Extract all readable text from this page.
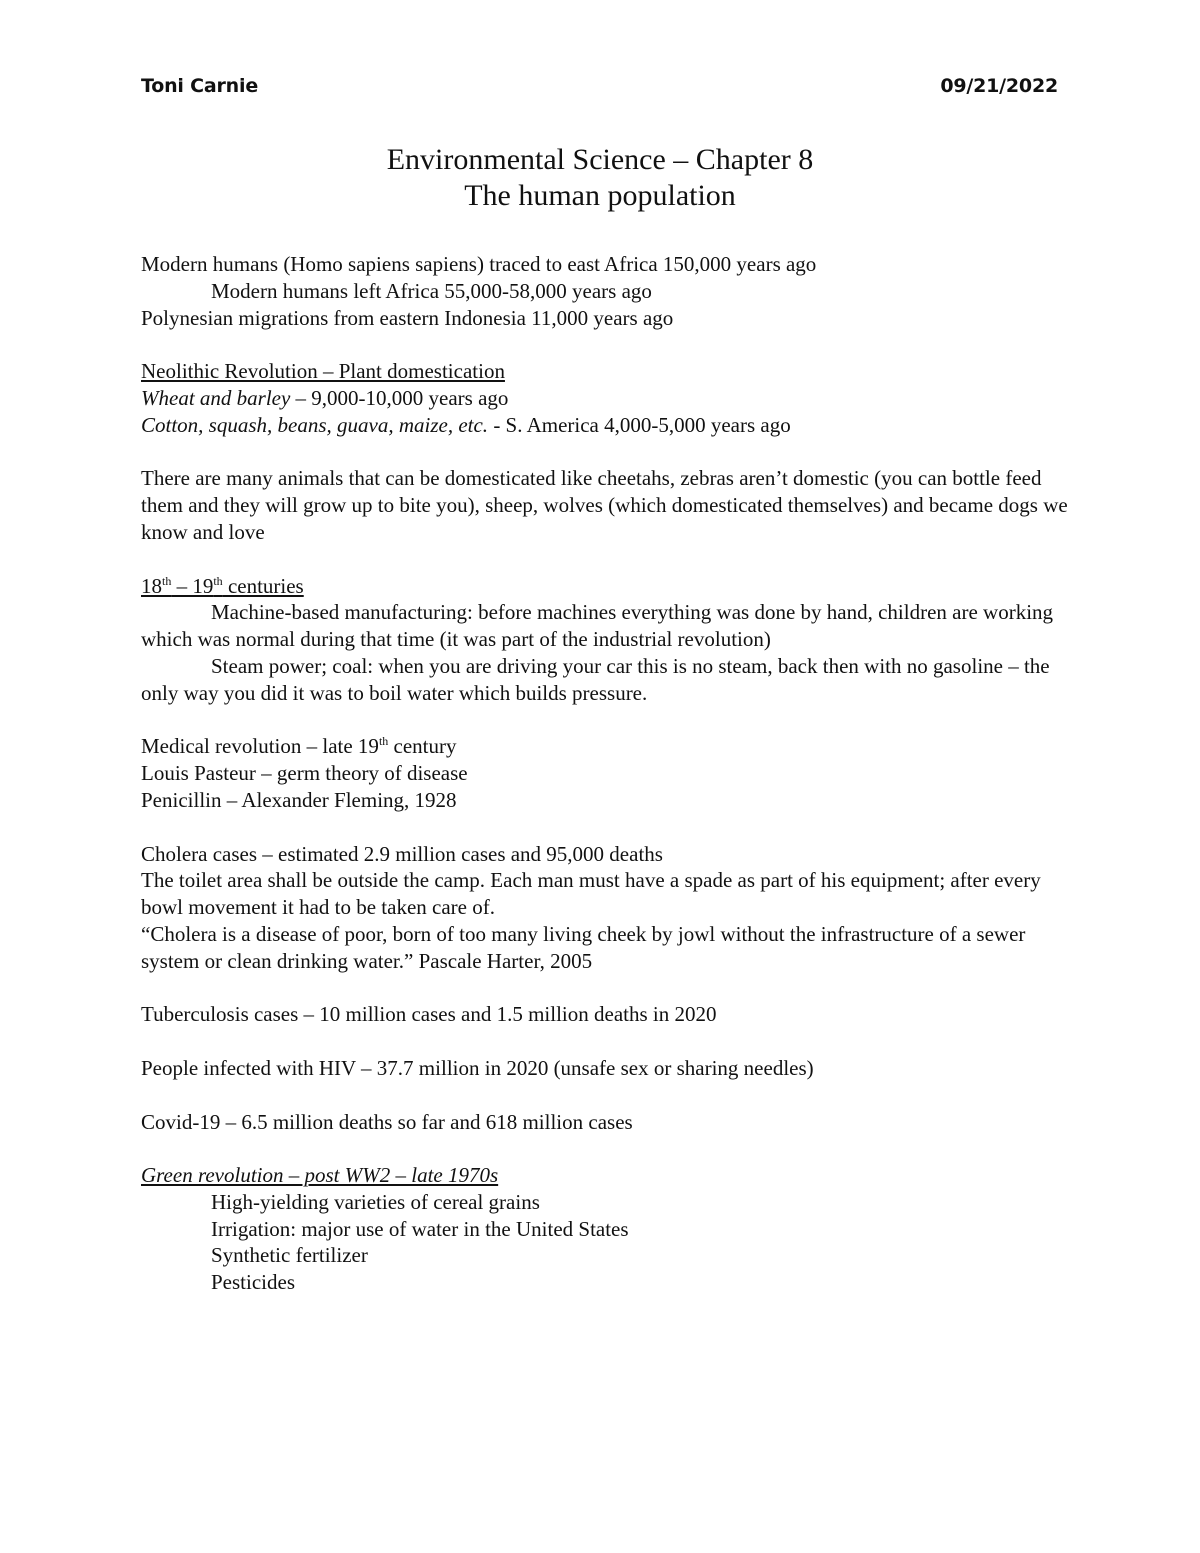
Toni Carnie	09/21/2022
Environmental Science – Chapter 8
The human population

Modern humans (Homo sapiens sapiens) traced to east Africa 150,000 years ago

Modern humans left Africa 55,000-58,000 years ago

Polynesian migrations from eastern Indonesia 11,000 years ago

Neolithic Revolution – Plant domestication

Wheat and barley – 9,000-10,000 years ago

Cotton, squash, beans, guava, maize, etc. - S. America 4,000-5,000 years ago

There are many animals that can be domesticated like cheetahs, zebras aren’t domestic (you can bottle feed them and they will grow up to bite you), sheep, wolves (which domesticated themselves) and became dogs we know and love

18th – 19th centuries

Machine-based manufacturing: before machines everything was done by hand, children are working which was normal during that time (it was part of the industrial revolution)

Steam power; coal: when you are driving your car this is no steam, back then with no gasoline – the only way you did it was to boil water which builds pressure.

Medical revolution – late 19th century

Louis Pasteur – germ theory of disease

Penicillin – Alexander Fleming, 1928

Cholera cases – estimated 2.9 million cases and 95,000 deaths

The toilet area shall be outside the camp. Each man must have a spade as part of his equipment; after every bowl movement it had to be taken care of.

“Cholera is a disease of poor, born of too many living cheek by jowl without the infrastructure of a sewer system or clean drinking water.” Pascale Harter, 2005

Tuberculosis cases – 10 million cases and 1.5 million deaths in 2020

People infected with HIV – 37.7 million in 2020 (unsafe sex or sharing needles)

Covid-19 – 6.5 million deaths so far and 618 million cases

Green revolution – post WW2 – late 1970s

High-yielding varieties of cereal grains

Irrigation: major use of water in the United States

Synthetic fertilizer

Pesticides
